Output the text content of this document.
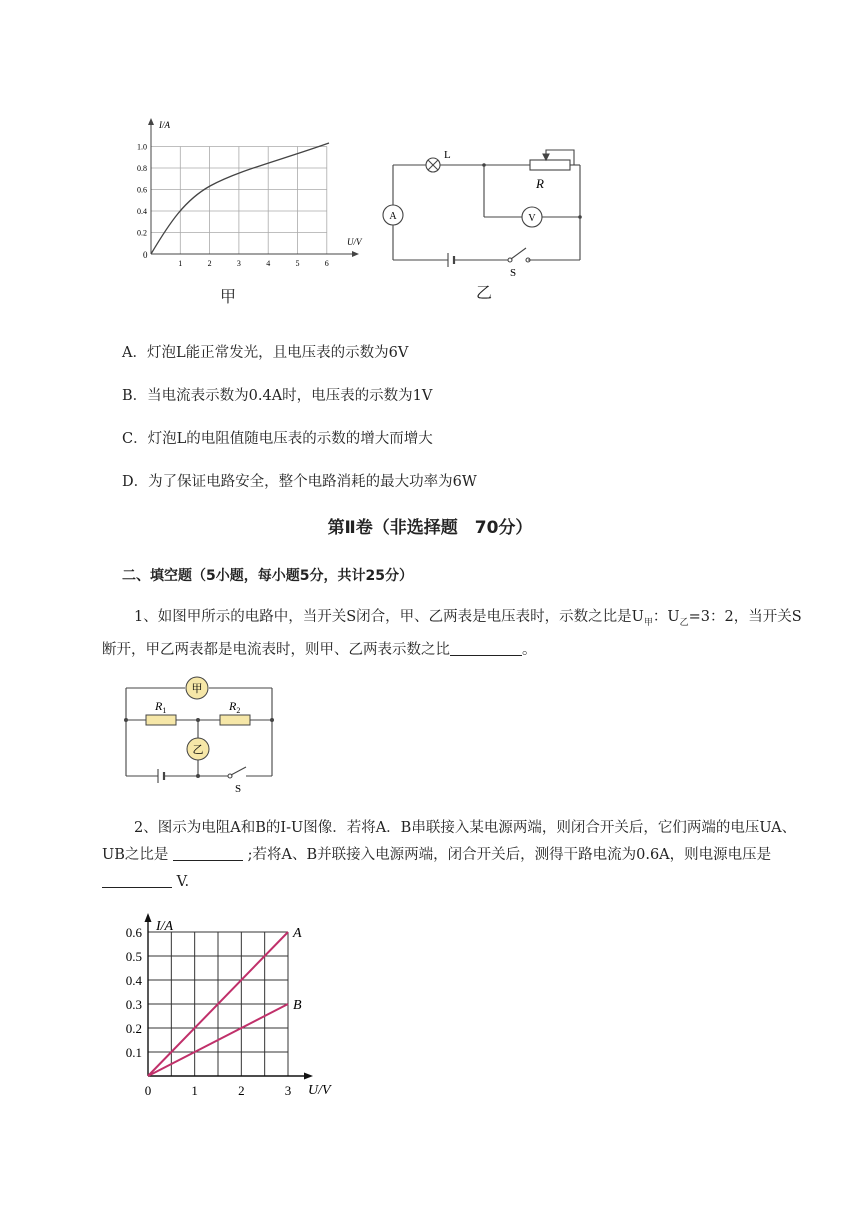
I/A
U/V
0
1.0
0.8
0.6
0.4
0.2
1	2	3	4	5	6
甲
L
R
A	V
S
乙
A．灯泡L能正常发光，且电压表的示数为6V
B．当电流表示数为0.4A时，电压表的示数为1V
C．灯泡L的电阻值随电压表的示数的增大而增大
D．为了保证电路安全，整个电路消耗的最大功率为6W
第Ⅱ卷（非选择题　70分）
二、填空题（5小题，每小题5分，共计25分）
1、如图甲所示的电路中，当开关S闭合，甲、乙两表是电压表时，示数之比是$U_甲$：$U_乙=3$：2，当开关S断开，甲乙两表都是电流表时，则甲、乙两表示数之比	。
甲
乙
$R_1$	$R_2$
S
2、图示为电阻A和B的I-U图像．若将A．B串联接入某电源两端，则闭合开关后，它们两端的电压UA、UB之比是	;若将A、B并联接入电源两端，闭合开关后，测得干路电流为0.6A，则电源电压是  V.
I/A
U/V
0.1
0.2
0.3
0.4
0.5
0.6
0	1	2	3
A
B
